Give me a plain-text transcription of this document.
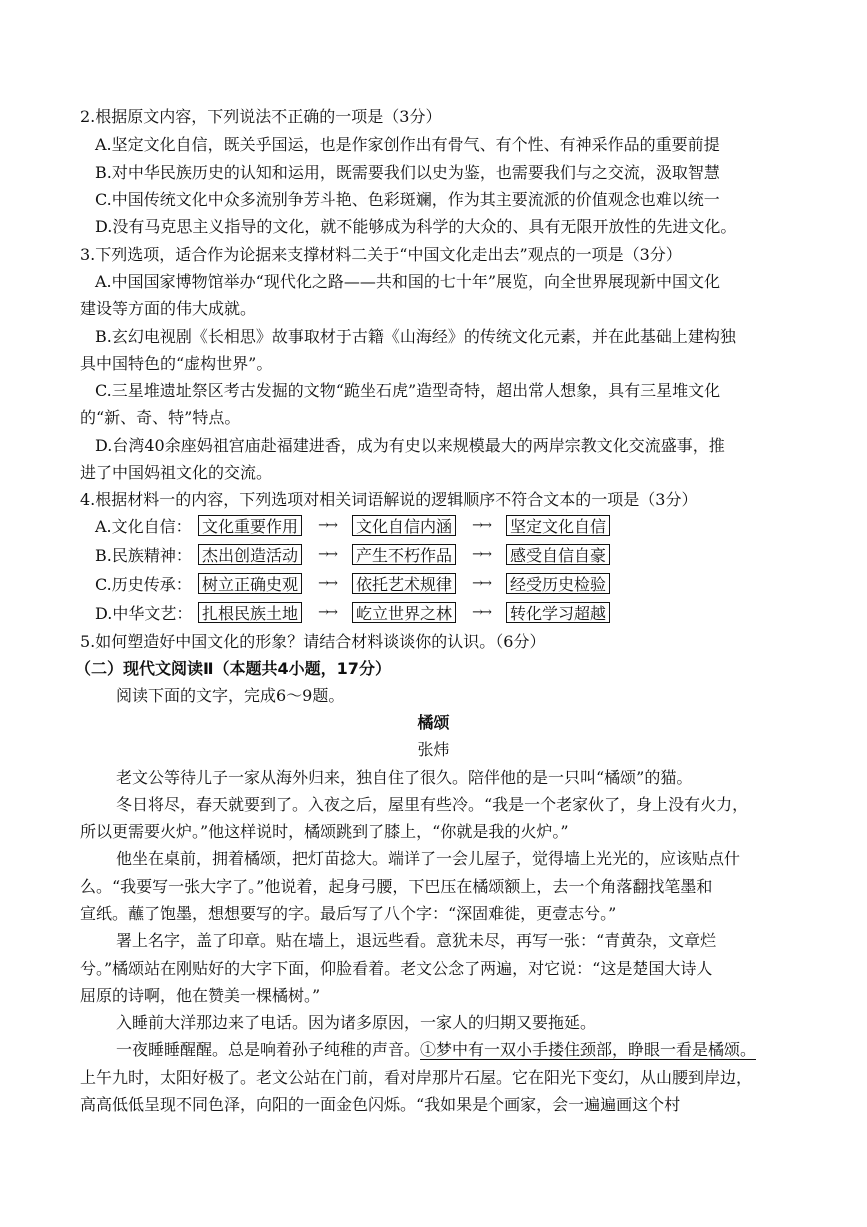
2.根据原文内容，下列说法不正确的一项是（3分）
A.坚定文化自信，既关乎国运，也是作家创作出有骨气、有个性、有神采作品的重要前提
B.对中华民族历史的认知和运用，既需要我们以史为鉴，也需要我们与之交流，汲取智慧
C.中国传统文化中众多流别争芳斗艳、色彩斑斓，作为其主要流派的价值观念也难以统一
D.没有马克思主义指导的文化，就不能够成为科学的大众的、具有无限开放性的先进文化。
3.下列选项，适合作为论据来支撑材料二关于“中国文化走出去”观点的一项是（3分）
A.中国国家博物馆举办“现代化之路——共和国的七十年”展览，向全世界展现新中国文化
建设等方面的伟大成就。
B.玄幻电视剧《长相思》故事取材于古籍《山海经》的传统文化元素，并在此基础上建构独
具中国特色的“虚构世界”。
C.三星堆遗址祭区考古发掘的文物“跪坐石虎”造型奇特，超出常人想象，具有三星堆文化
的“新、奇、特”特点。
D.台湾40余座妈祖宫庙赴福建进香，成为有史以来规模最大的两岸宗教文化交流盛事，推
进了中国妈祖文化的交流。
4.根据材料一的内容，下列选项对相关词语解说的逻辑顺序不符合文本的一项是（3分）
A.文化自信： 文化重要作用	→→	文化自信内涵	→→	坚定文化自信
B.民族精神： 杰出创造活动	→→	产生不朽作品	→→	感受自信自豪
C.历史传承： 树立正确史观	→→	依托艺术规律	→→	经受历史检验
D.中华文艺： 扎根民族土地	→→	屹立世界之林	→→	转化学习超越
5.如何塑造好中国文化的形象？请结合材料谈谈你的认识。（6分）
（二）现代文阅读Ⅱ（本题共4小题，17分）
阅读下面的文字，完成6～9题。
橘颂
张炜
老文公等待儿子一家从海外归来，独自住了很久。陪伴他的是一只叫“橘颂”的猫。
冬日将尽，春天就要到了。入夜之后，屋里有些冷。“我是一个老家伙了，身上没有火力，
所以更需要火炉。”他这样说时，橘颂跳到了膝上，“你就是我的火炉。”
他坐在桌前，拥着橘颂，把灯苗捻大。端详了一会儿屋子，觉得墙上光光的，应该贴点什
么。“我要写一张大字了。”他说着，起身弓腰，下巴压在橘颂额上，去一个角落翻找笔墨和
宣纸。蘸了饱墨，想想要写的字。最后写了八个字：“深固难徙，更壹志兮。”
署上名字，盖了印章。贴在墙上，退远些看。意犹未尽，再写一张：“青黄杂，文章烂
兮。”橘颂站在刚贴好的大字下面，仰脸看着。老文公念了两遍，对它说：“这是楚国大诗人
屈原的诗啊，他在赞美一棵橘树。”
入睡前大洋那边来了电话。因为诸多原因，一家人的归期又要拖延。
一夜睡睡醒醒。总是响着孙子纯稚的声音。①梦中有一双小手搂住颈部，睁眼一看是橘颂。
上午九时，太阳好极了。老文公站在门前，看对岸那片石屋。它在阳光下变幻，从山腰到岸边，
高高低低呈现不同色泽，向阳的一面金色闪烁。“我如果是个画家，会一遍遍画这个村
